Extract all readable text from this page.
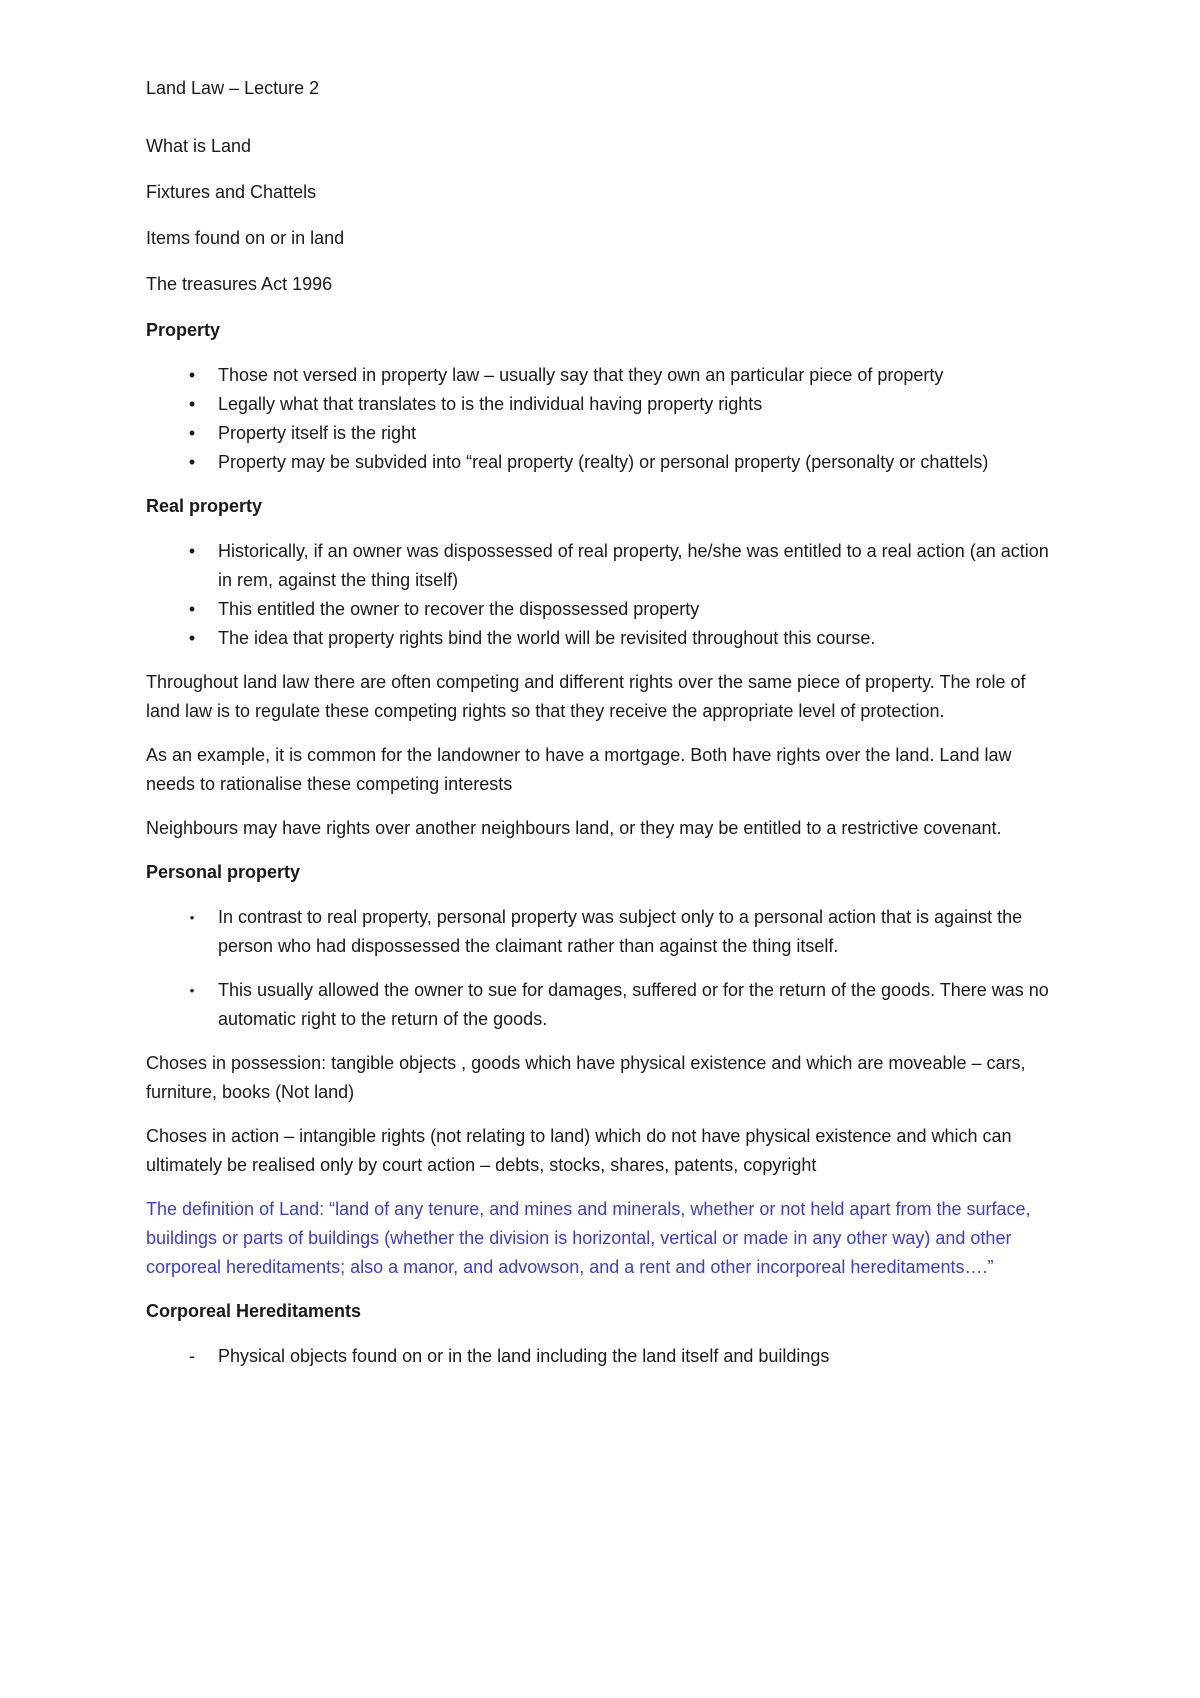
Land Law – Lecture 2

What is Land

Fixtures and Chattels

Items found on or in land

The treasures Act 1996

Property

•	Those not versed in property law – usually say that they own an particular piece of property
•	Legally what that translates to is the individual having property rights
•	Property itself is the right
•	Property may be subvided into “real property (realty) or personal property (personalty or chattels)

Real property

•	Historically, if an owner was dispossessed of real property, he/she was entitled to a real action (an action in rem, against the thing itself)
•	This entitled the owner to recover the dispossessed property
•	The idea that property rights bind the world will be revisited throughout this course.

Throughout land law there are often competing and different rights over the same piece of property. The role of land law is to regulate these competing rights so that they receive the appropriate level of protection.

As an example, it is common for the landowner to have a mortgage. Both have rights over the land. Land law needs to rationalise these competing interests

Neighbours may have rights over another neighbours land, or they may be entitled to a restrictive covenant.

Personal property

•	In contrast to real property, personal property was subject only to a personal action that is against the person who had dispossessed the claimant rather than against the thing itself.
•	This usually allowed the owner to sue for damages, suffered or for the return of the goods. There was no automatic right to the return of the goods.

Choses in possession: tangible objects , goods which have physical existence and which are moveable – cars, furniture, books (Not land)

Choses in action – intangible rights (not relating to land) which do not have physical existence and which can ultimately be realised only by court action – debts, stocks, shares, patents, copyright

The definition of Land: “land of any tenure, and mines and minerals, whether or not held apart from the surface, buildings or parts of buildings (whether the division is horizontal, vertical or made in any other way) and other corporeal hereditaments; also a manor, and advowson, and a rent and other incorporeal hereditaments….”

Corporeal Hereditaments

-	Physical objects found on or in the land including the land itself and buildings
